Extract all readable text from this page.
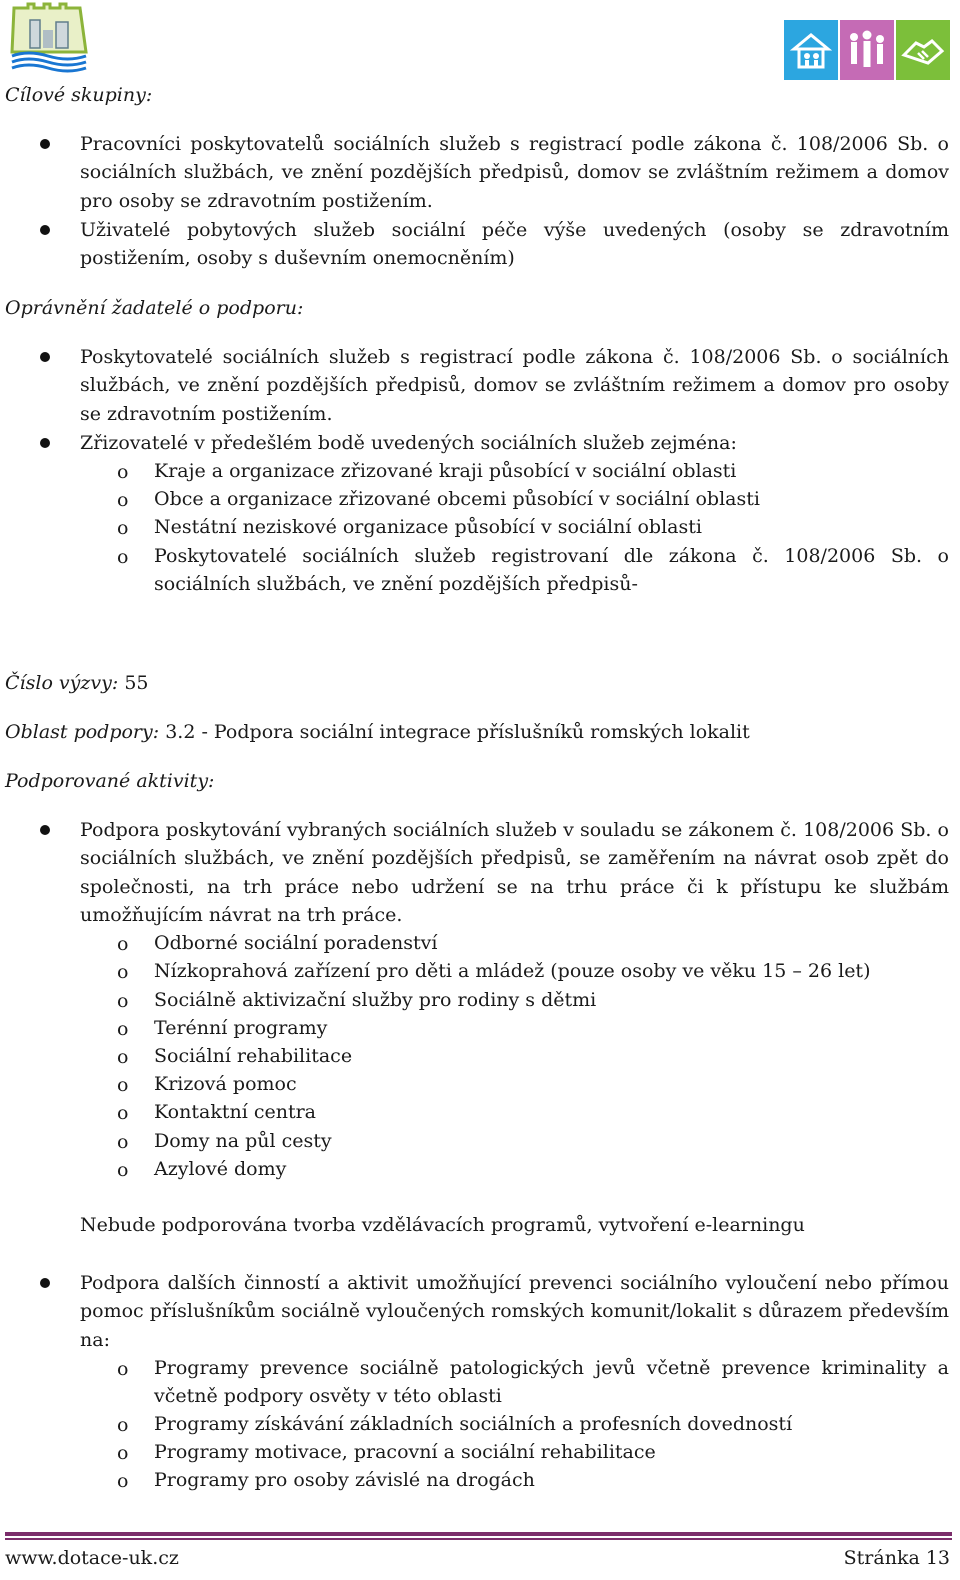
Cílové skupiny:
Pracovníci poskytovatelů sociálních služeb s registrací podle zákona č. 108/2006 Sb. o sociálních službách, ve znění pozdějších předpisů, domov se zvláštním režimem a domov pro osoby se zdravotním postižením.
Uživatelé pobytových služeb sociální péče výše uvedených (osoby se zdravotním postižením, osoby s duševním onemocněním)
Oprávnění žadatelé o podporu:
Poskytovatelé sociálních služeb s registrací podle zákona č. 108/2006 Sb. o sociálních službách, ve znění pozdějších předpisů, domov se zvláštním režimem a domov pro osoby se zdravotním postižením.
Zřizovatelé v předešlém bodě uvedených sociálních služeb zejména:
o Kraje a organizace zřizované kraji působící v sociální oblasti
o Obce a organizace zřizované obcemi působící v sociální oblasti
o Nestátní neziskové organizace působící v sociální oblasti
o Poskytovatelé sociálních služeb registrovaní dle zákona č. 108/2006 Sb. o sociálních službách, ve znění pozdějších předpisů-
Číslo výzvy: 55
Oblast podpory: 3.2 - Podpora sociální integrace příslušníků romských lokalit
Podporované aktivity:
Podpora poskytování vybraných sociálních služeb v souladu se zákonem č. 108/2006 Sb. o sociálních službách, ve znění pozdějších předpisů, se zaměřením na návrat osob zpět do společnosti, na trh práce nebo udržení se na trhu práce či k přístupu ke službám umožňujícím návrat na trh práce.
o Odborné sociální poradenství
o Nízkoprahová zařízení pro děti a mládež (pouze osoby ve věku 15 – 26 let)
o Sociálně aktivizační služby pro rodiny s dětmi
o Terénní programy
o Sociální rehabilitace
o Krizová pomoc
o Kontaktní centra
o Domy na půl cesty
o Azylové domy
Nebude podporována tvorba vzdělávacích programů, vytvoření e-learningu
Podpora dalších činností a aktivit umožňující prevenci sociálního vyloučení nebo přímou pomoc příslušníkům sociálně vyloučených romských komunit/lokalit s důrazem především na:
o Programy prevence sociálně patologických jevů včetně prevence kriminality a včetně podpory osvěty v této oblasti
o Programy získávání základních sociálních a profesních dovedností
o Programy motivace, pracovní a sociální rehabilitace
o Programy pro osoby závislé na drogách
www.dotace-uk.cz	Stránka 13
